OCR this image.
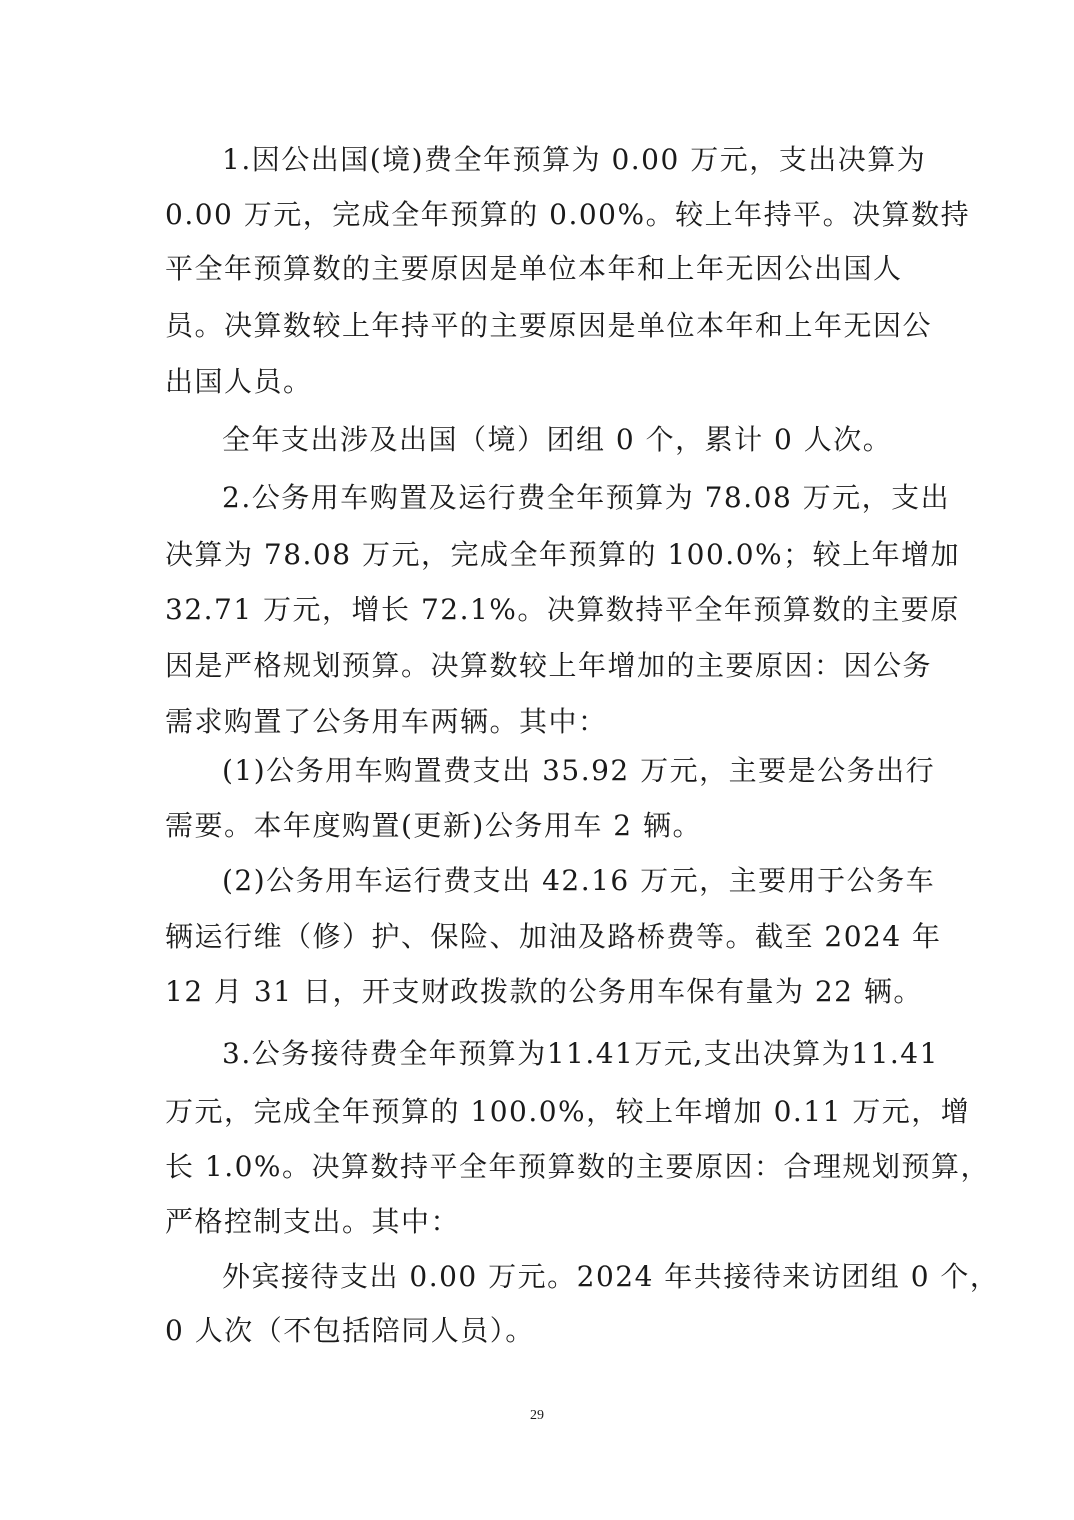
1.因公出国(境)费全年预算为 0.00 万元，支出决算为
0.00 万元，完成全年预算的 0.00%。较上年持平。决算数持
平全年预算数的主要原因是单位本年和上年无因公出国人
员。决算数较上年持平的主要原因是单位本年和上年无因公
出国人员。
全年支出涉及出国（境）团组 0 个，累计 0 人次。
2.公务用车购置及运行费全年预算为 78.08 万元，支出
决算为 78.08 万元，完成全年预算的 100.0%；较上年增加
32.71 万元，增长 72.1%。决算数持平全年预算数的主要原
因是严格规划预算。决算数较上年增加的主要原因：因公务
需求购置了公务用车两辆。其中：
(1)公务用车购置费支出 35.92 万元，主要是公务出行
需要。本年度购置(更新)公务用车 2 辆。
(2)公务用车运行费支出 42.16 万元，主要用于公务车
辆运行维（修）护、保险、加油及路桥费等。截至 2024 年
12 月 31 日，开支财政拨款的公务用车保有量为 22 辆。
3.公务接待费全年预算为11.41万元,支出决算为11.41
万元，完成全年预算的 100.0%，较上年增加 0.11 万元，增
长 1.0%。决算数持平全年预算数的主要原因：合理规划预算，
严格控制支出。其中：
外宾接待支出 0.00 万元。2024 年共接待来访团组 0 个，
0 人次（不包括陪同人员）。
29
